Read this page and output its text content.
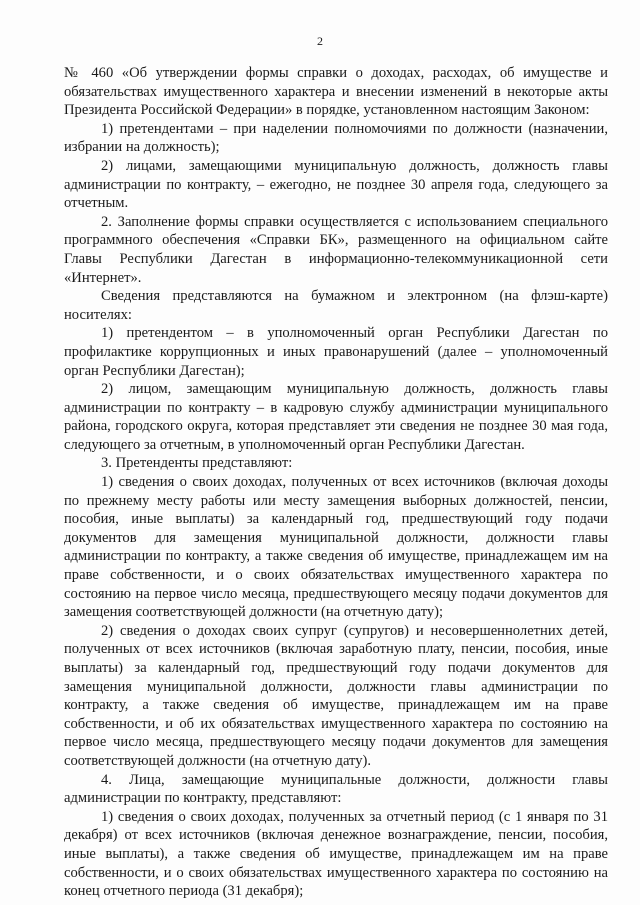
2

№ 460 «Об утверждении формы справки о доходах, расходах, об имуществе и обязательствах имущественного характера и внесении изменений в некоторые акты Президента Российской Федерации» в порядке, установленном настоящим Законом:

1) претендентами – при наделении полномочиями по должности (назначении, избрании на должность);

2) лицами, замещающими муниципальную должность, должность главы администрации по контракту, – ежегодно, не позднее 30 апреля года, следующего за отчетным.

2. Заполнение формы справки осуществляется с использованием специального программного обеспечения «Справки БК», размещенного на официальном сайте Главы Республики Дагестан в информационно-телекоммуникационной сети «Интернет».

Сведения представляются на бумажном и электронном (на флэш-карте) носителях:

1) претендентом – в уполномоченный орган Республики Дагестан по профилактике коррупционных и иных правонарушений (далее – уполномоченный орган Республики Дагестан);

2) лицом, замещающим муниципальную должность, должность главы администрации по контракту – в кадровую службу администрации муниципального района, городского округа, которая представляет эти сведения не позднее 30 мая года, следующего за отчетным, в уполномоченный орган Республики Дагестан.

3. Претенденты представляют:

1) сведения о своих доходах, полученных от всех источников (включая доходы по прежнему месту работы или месту замещения выборных должностей, пенсии, пособия, иные выплаты) за календарный год, предшествующий году подачи документов для замещения муниципальной должности, должности главы администрации по контракту, а также сведения об имуществе, принадлежащем им на праве собственности, и о своих обязательствах имущественного характера по состоянию на первое число месяца, предшествующего месяцу подачи документов для замещения соответствующей должности (на отчетную дату);

2) сведения о доходах своих супруг (супругов) и несовершеннолетних детей, полученных от всех источников (включая заработную плату, пенсии, пособия, иные выплаты) за календарный год, предшествующий году подачи документов для замещения муниципальной должности, должности главы администрации по контракту, а также сведения об имуществе, принадлежащем им на праве собственности, и об их обязательствах имущественного характера по состоянию на первое число месяца, предшествующего месяцу подачи документов для замещения соответствующей должности (на отчетную дату).

4. Лица, замещающие муниципальные должности, должности главы администрации по контракту, представляют:

1) сведения о своих доходах, полученных за отчетный период (с 1 января по 31 декабря) от всех источников (включая денежное вознаграждение, пенсии, пособия, иные выплаты), а также сведения об имуществе, принадлежащем им на праве собственности, и о своих обязательствах имущественного характера по состоянию на конец отчетного периода (31 декабря);
